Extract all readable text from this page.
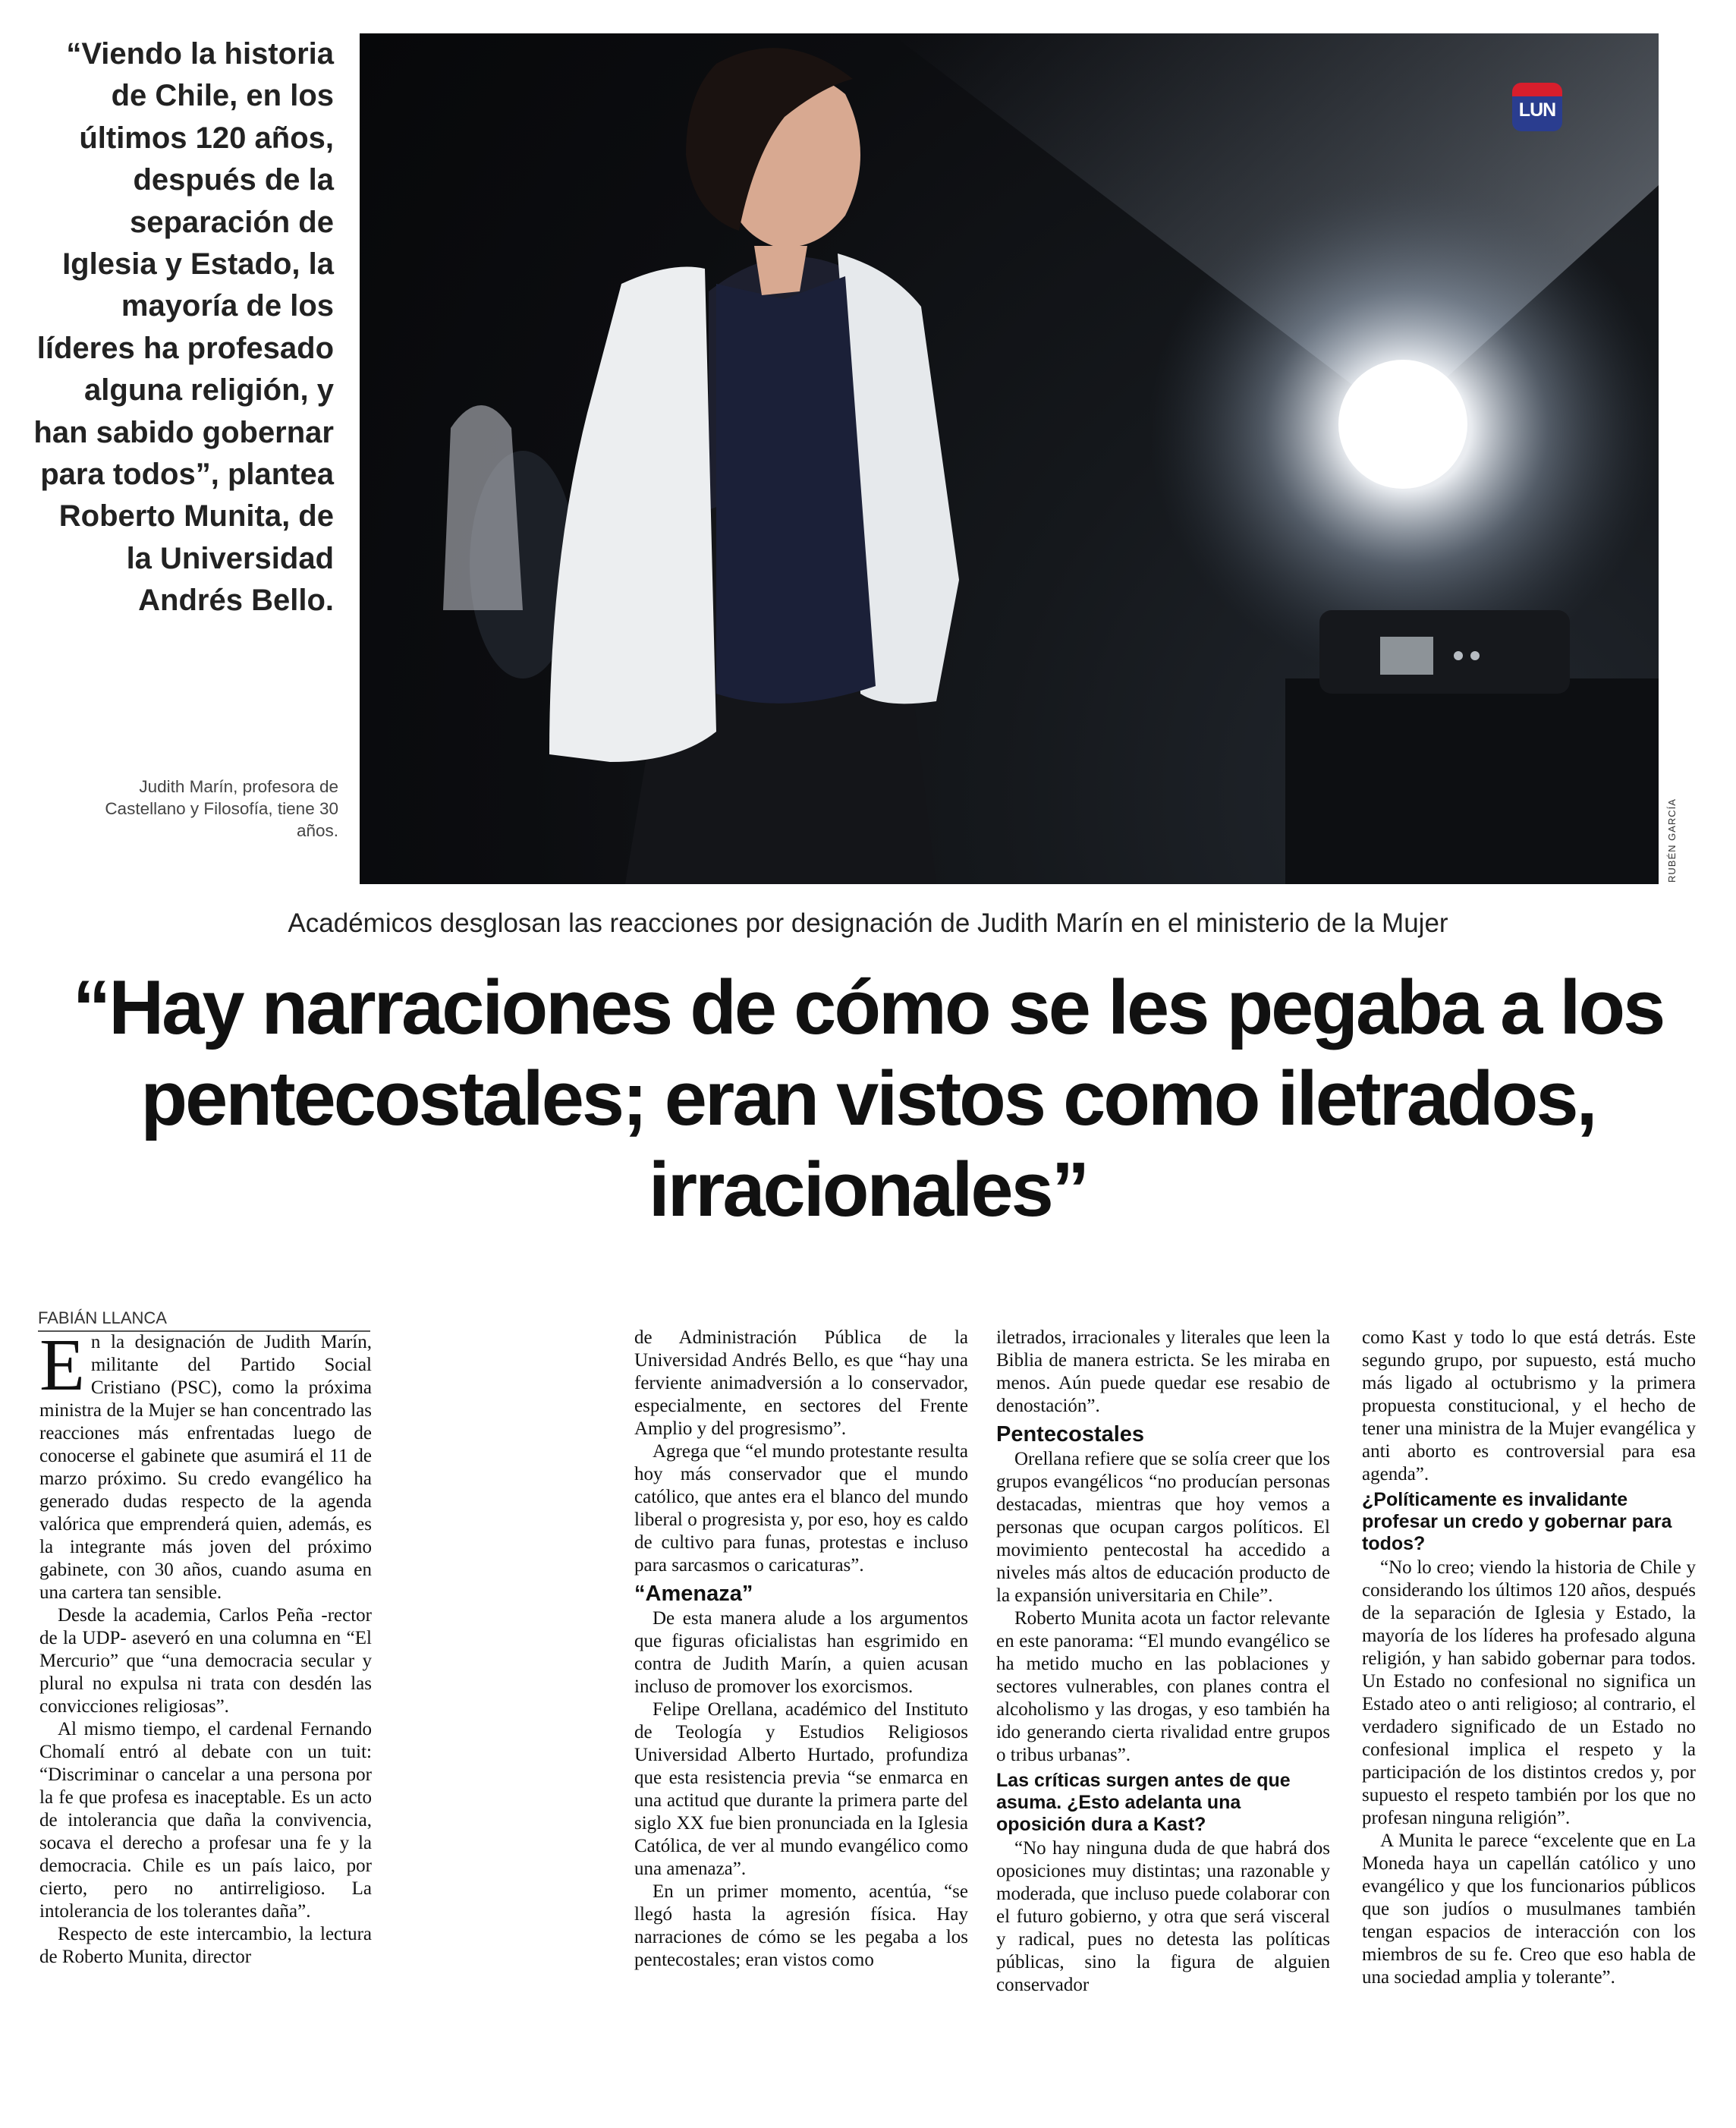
“Viendo la historia de Chile, en los últimos 120 años, después de la separación de Iglesia y Estado, la mayoría de los líderes ha profesado alguna religión, y han sabido gobernar para todos”, plantea Roberto Munita, de la Universidad Andrés Bello.
Judith Marín, profesora de Castellano y Filosofía, tiene 30 años.
LUN
RUBÉN GARCÍA
Académicos desglosan las reacciones por designación de Judith Marín en el ministerio de la Mujer
“Hay narraciones de cómo se les pegaba a los pentecostales; eran vistos como iletrados, irracionales”
FABIÁN LLANCA

En la designación de Judith Marín, militante del Partido Social Cristiano (PSC), como la próxima ministra de la Mujer se han concentrado las reacciones más enfrentadas luego de conocerse el gabinete que asumirá el 11 de marzo próximo. Su credo evangélico ha generado dudas respecto de la agenda valórica que emprenderá quien, además, es la integrante más joven del próximo gabinete, con 30 años, cuando asuma en una cartera tan sensible.

Desde la academia, Carlos Peña -rector de la UDP- aseveró en una columna en “El Mercurio” que “una democracia secular y plural no expulsa ni trata con desdén las convicciones religiosas”.

Al mismo tiempo, el cardenal Fernando Chomalí entró al debate con un tuit: “Discriminar o cancelar a una persona por la fe que profesa es inaceptable. Es un acto de intolerancia que daña la convivencia, socava el derecho a profesar una fe y la democracia. Chile es un país laico, por cierto, pero no antirreligioso. La intolerancia de los tolerantes daña”.

Respecto de este intercambio, la lectura de Roberto Munita, director

de Administración Pública de la Universidad Andrés Bello, es que “hay una ferviente animadversión a lo conservador, especialmente, en sectores del Frente Amplio y del progresismo”.

Agrega que “el mundo protestante resulta hoy más conservador que el mundo católico, que antes era el blanco del mundo liberal o progresista y, por eso, hoy es caldo de cultivo para funas, protestas e incluso para sarcasmos o caricaturas”.

“Amenaza”

De esta manera alude a los argumentos que figuras oficialistas han esgrimido en contra de Judith Marín, a quien acusan incluso de promover los exorcismos.

Felipe Orellana, académico del Instituto de Teología y Estudios Religiosos Universidad Alberto Hurtado, profundiza que esta resistencia previa “se enmarca en una actitud que durante la primera parte del siglo XX fue bien pronunciada en la Iglesia Católica, de ver al mundo evangélico como una amenaza”.

En un primer momento, acentúa, “se llegó hasta la agresión física. Hay narraciones de cómo se les pegaba a los pentecostales; eran vistos como

iletrados, irracionales y literales que leen la Biblia de manera estricta. Se les miraba en menos. Aún puede quedar ese resabio de denostación”.

Pentecostales

Orellana refiere que se solía creer que los grupos evangélicos “no producían personas destacadas, mientras que hoy vemos a personas que ocupan cargos políticos. El movimiento pentecostal ha accedido a niveles más altos de educación producto de la expansión universitaria en Chile”.

Roberto Munita acota un factor relevante en este panorama: “El mundo evangélico se ha metido mucho en las poblaciones y sectores vulnerables, con planes contra el alcoholismo y las drogas, y eso también ha ido generando cierta rivalidad entre grupos o tribus urbanas”.

Las críticas surgen antes de que asuma. ¿Esto adelanta una oposición dura a Kast?

“No hay ninguna duda de que habrá dos oposiciones muy distintas; una razonable y moderada, que incluso puede colaborar con el futuro gobierno, y otra que será visceral y radical, pues no detesta las políticas públicas, sino la figura de alguien conservador

como Kast y todo lo que está detrás. Este segundo grupo, por supuesto, está mucho más ligado al octubrismo y la primera propuesta constitucional, y el hecho de tener una ministra de la Mujer evangélica y anti aborto es controversial para esa agenda”.

¿Políticamente es invalidante profesar un credo y gobernar para todos?

“No lo creo; viendo la historia de Chile y considerando los últimos 120 años, después de la separación de Iglesia y Estado, la mayoría de los líderes ha profesado alguna religión, y han sabido gobernar para todos. Un Estado no confesional no significa un Estado ateo o anti religioso; al contrario, el verdadero significado de un Estado no confesional implica el respeto y la participación de los distintos credos y, por supuesto el respeto también por los que no profesan ninguna religión”.

A Munita le parece “excelente que en La Moneda haya un capellán católico y uno evangélico y que los funcionarios públicos que son judíos o musulmanes también tengan espacios de interacción con los miembros de su fe. Creo que eso habla de una sociedad amplia y tolerante”.
